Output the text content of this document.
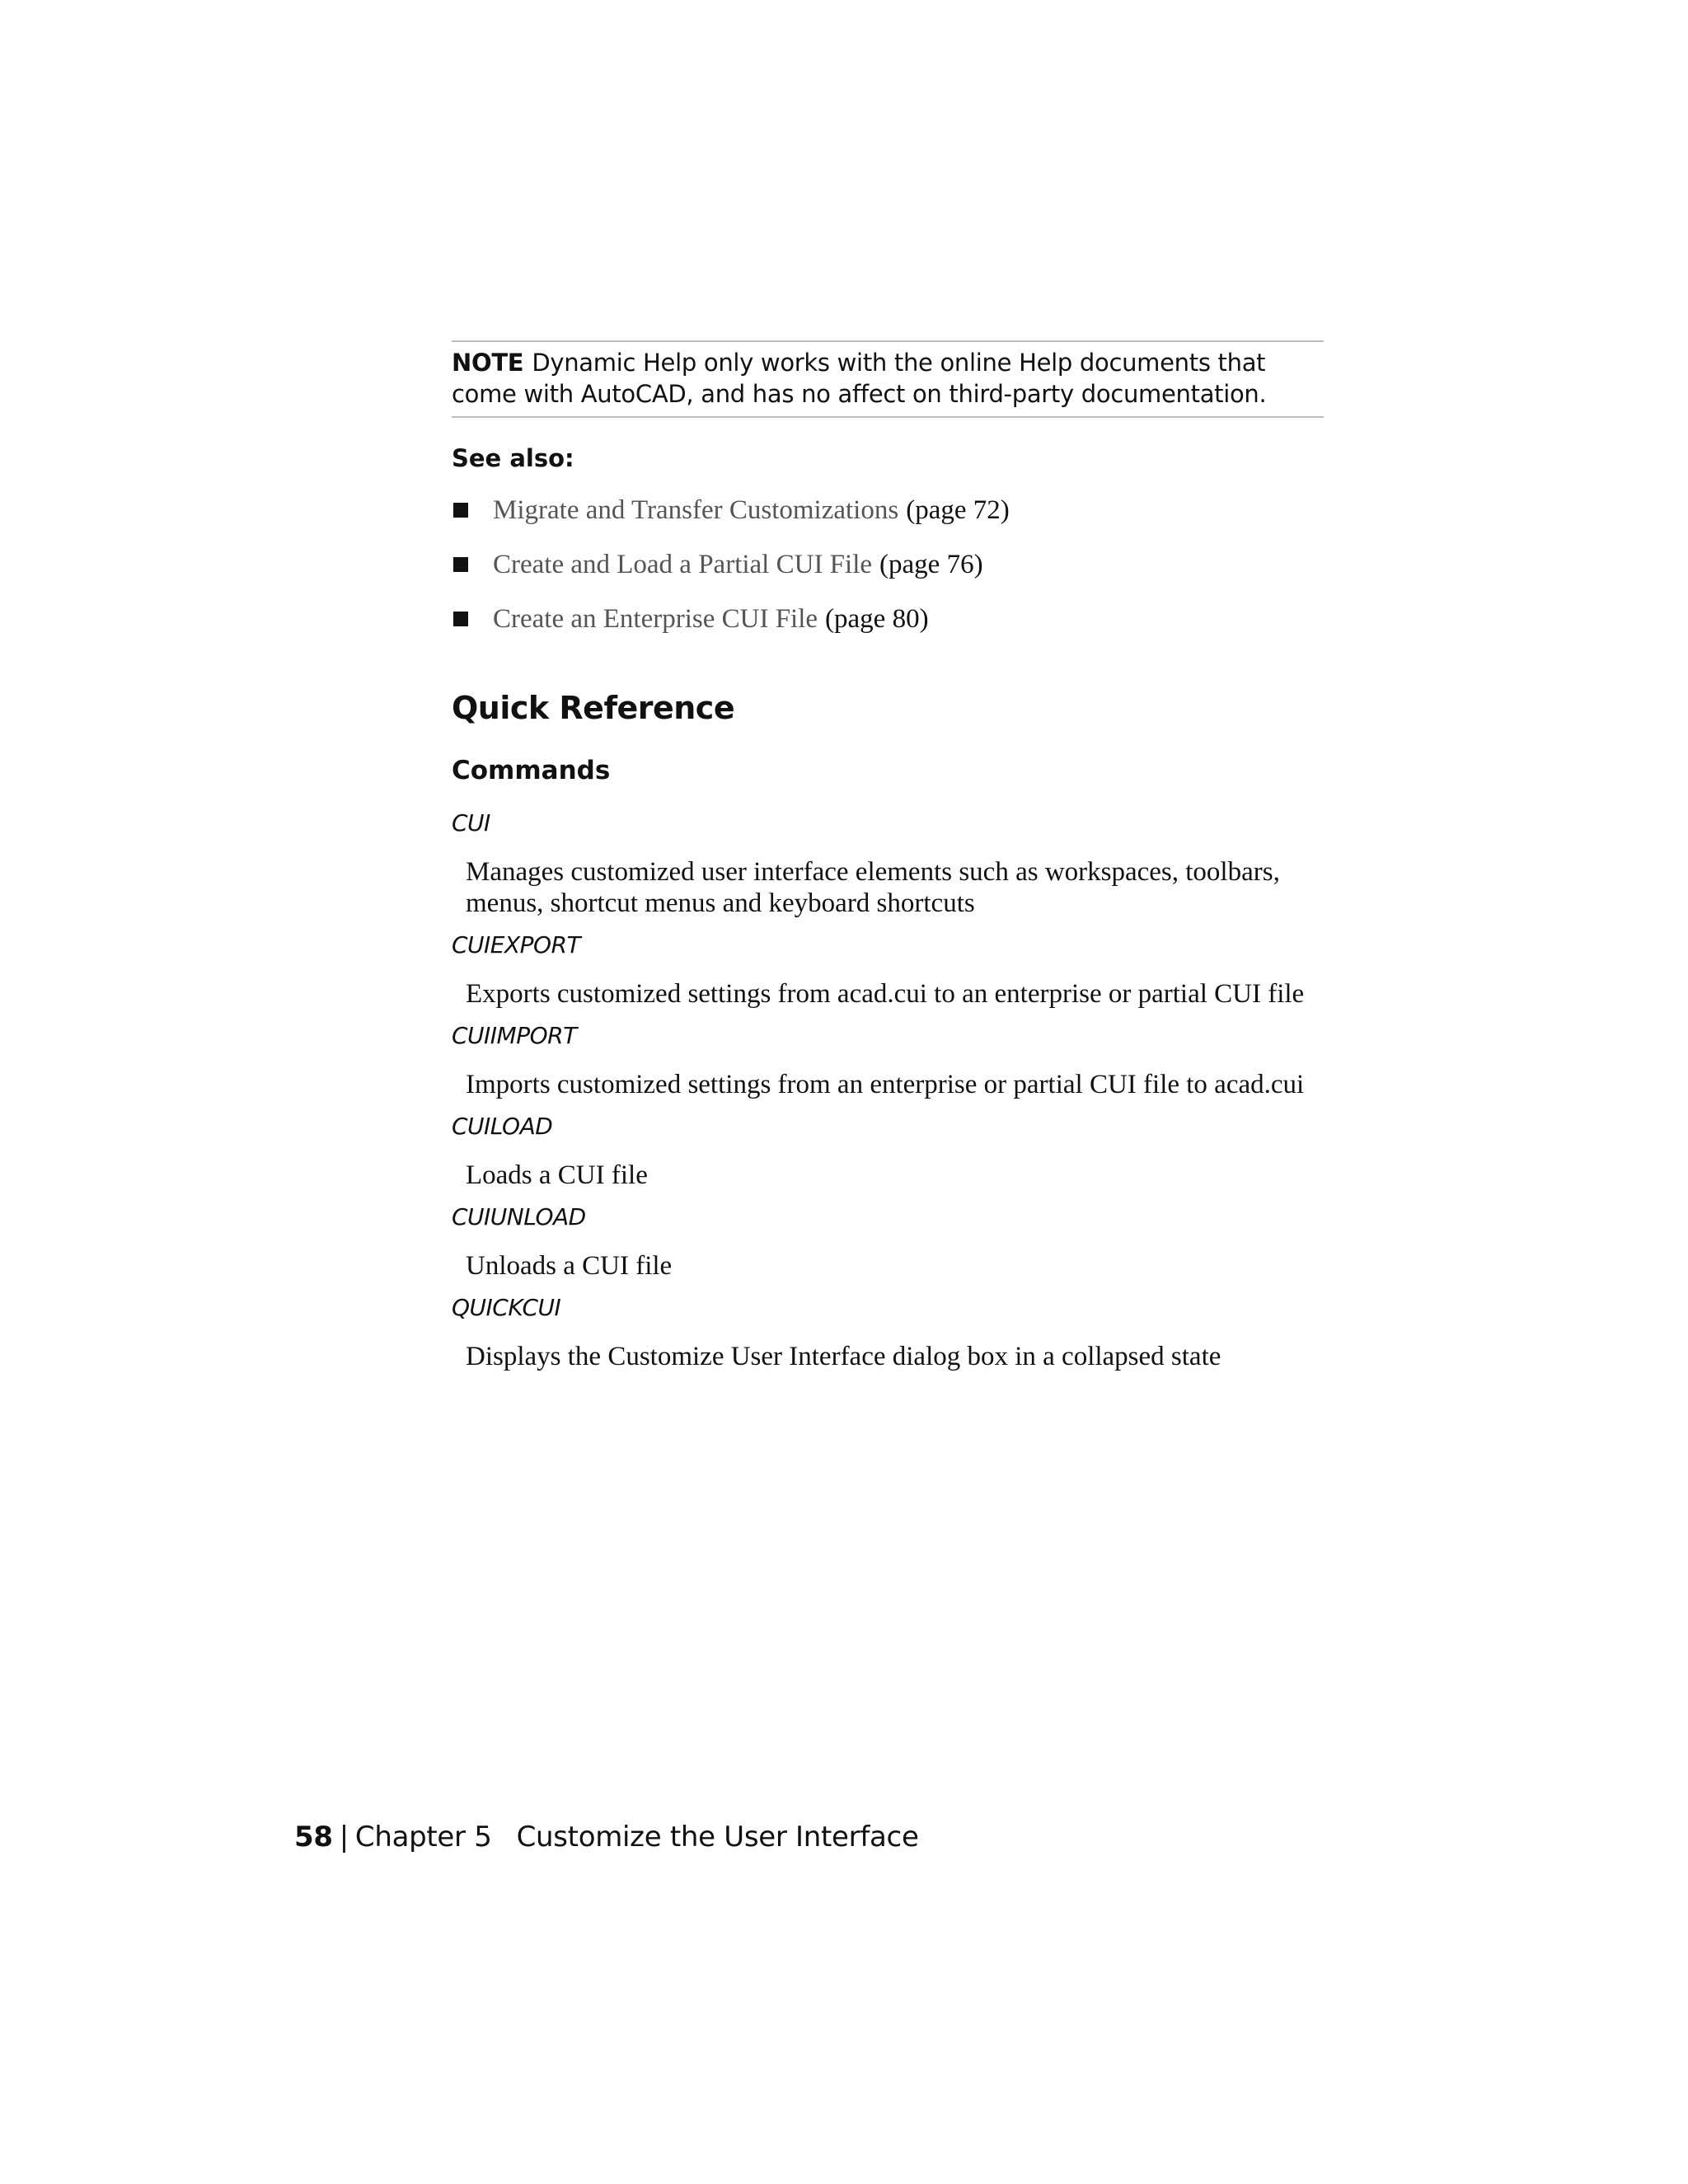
NOTE Dynamic Help only works with the online Help documents that come with AutoCAD, and has no affect on third-party documentation.
See also:
Migrate and Transfer Customizations (page 72)
Create and Load a Partial CUI File (page 76)
Create an Enterprise CUI File (page 80)
Quick Reference
Commands
CUI
Manages customized user interface elements such as workspaces, toolbars, menus, shortcut menus and keyboard shortcuts
CUIEXPORT
Exports customized settings from acad.cui to an enterprise or partial CUI file
CUIIMPORT
Imports customized settings from an enterprise or partial CUI file to acad.cui
CUILOAD
Loads a CUI file
CUIUNLOAD
Unloads a CUI file
QUICKCUI
Displays the Customize User Interface dialog box in a collapsed state
58 | Chapter 5 Customize the User Interface
